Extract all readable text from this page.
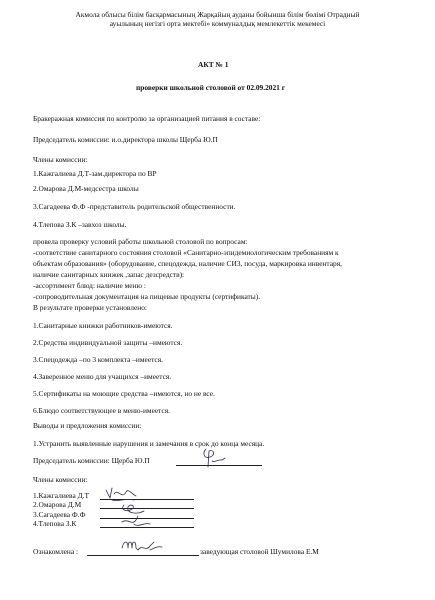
Акмола облысы білім басқармасының Жарқайың ауданы бойынша білім бөлімі Отрадный
ауылының негізгі орта мектебі» коммуналдық мемлекеттік мекемесі
АКТ № 1
проверки школьной столовой от 02.09.2021 г
Бракеражная комиссия по контролю за организацией питания в составе:
Председатель комиссии: и.о.директора школы Щерба Ю.П
Члены комиссии:
1.Кажгалиева Д.Т-зам.директора по ВР
2.Омарова Д.М-медсестра школы
3.Сагадеева Ф.Ф -представитель родительской общественности.
4.Тлепова З.К –завхоз школы.
провела проверку условий работы школьной столовой по вопросам:
-соответствие санитарного состояния столовой «Санитарно-эпидемиологическим требованиям к
объектам образования» (оборудование, спецодежда, наличие СИЗ, посуда, маркировка инвентаря,
наличие санитарных книжек ,запас дезсредств):
-ассортимент блюд: наличие меню :
-сопроводительная документация на пищевые продукты (сертификаты).
В результате проверки установлено:
1.Санитарные книжки работников-имеются.
2.Средства индивидуальной защиты –имеются.
3.Спецодежда –по 3 комплекта –имеется.
4.Заверенное меню для учащихся –имеется.
5.Сертификаты на моющие средства –имеются, но не все.
6.Блюдо соответствующее в меню-имеется.
Выводы и предложения комиссии:
1.Устранить выявленные нарушения и замечания в срок до конца месяца.
Председатель комиссии: Щерба Ю.П
Члены комиссии:
1.Кажгалиева Д.Т
2.Омарова Д.М
3.Сагадеева Ф.Ф
4.Тлепова З.К
Ознакомлена :	заведующая столовой Шумилова Е.М
